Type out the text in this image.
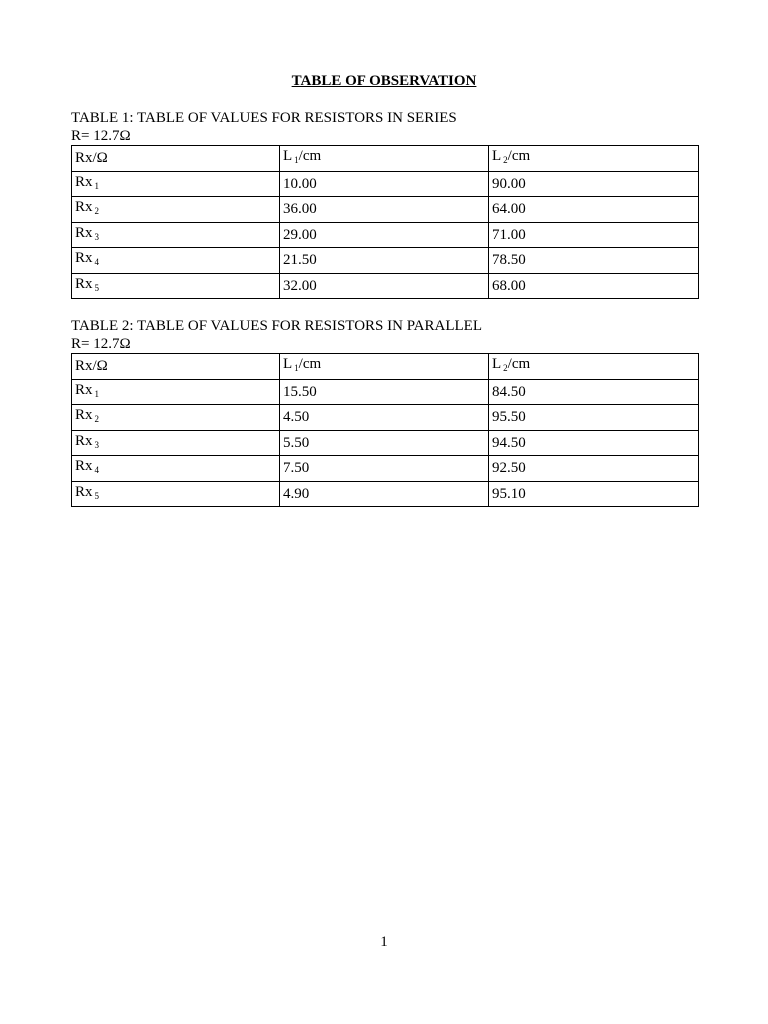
TABLE OF OBSERVATION
TABLE 1: TABLE OF VALUES FOR RESISTORS IN SERIES
R= 12.7Ω
Rx/Ω	L $_1$/cm	L $_2$/cm
Rx $_1$	10.00	90.00
Rx $_2$	36.00	64.00
Rx $_3$	29.00	71.00
Rx $_4$	21.50	78.50
Rx $_5$	32.00	68.00
TABLE 2: TABLE OF VALUES FOR RESISTORS IN PARALLEL
R= 12.7Ω
Rx/Ω	L $_1$/cm	L $_2$/cm
Rx $_1$	15.50	84.50
Rx $_2$	4.50	95.50
Rx $_3$	5.50	94.50
Rx $_4$	7.50	92.50
Rx $_5$	4.90	95.10
1
